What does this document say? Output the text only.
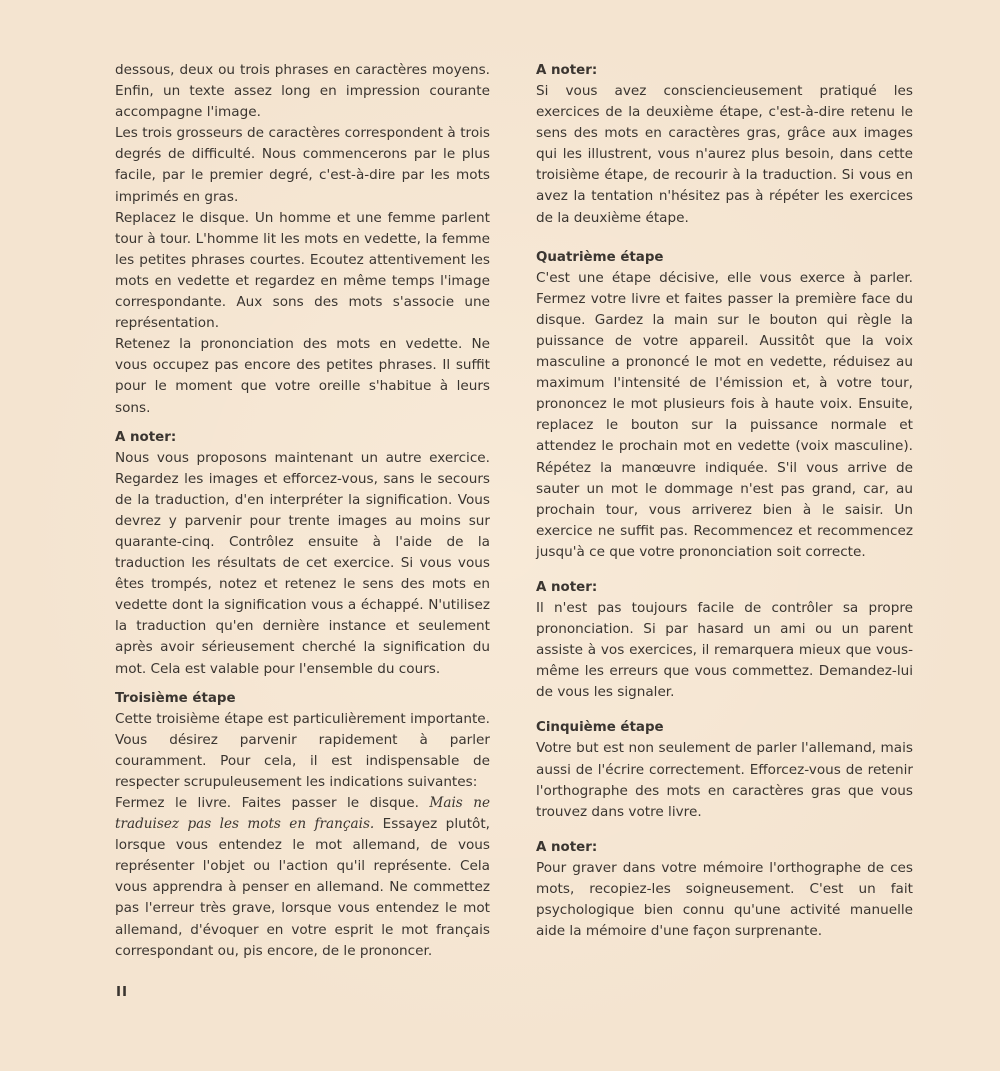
dessous, deux ou trois phrases en caractères moyens. Enfin, un texte assez long en impression courante accompagne l'image.

Les trois grosseurs de caractères correspondent à trois degrés de difficulté. Nous commencerons par le plus facile, par le premier degré, c'est-à-dire par les mots imprimés en gras.

Replacez le disque. Un homme et une femme parlent tour à tour. L'homme lit les mots en vedette, la femme les petites phrases courtes. Ecoutez attentivement les mots en vedette et regardez en même temps l'image correspondante. Aux sons des mots s'associe une représentation.

Retenez la prononciation des mots en vedette. Ne vous occupez pas encore des petites phrases. Il suffit pour le moment que votre oreille s'habitue à leurs sons.

A noter:

Nous vous proposons maintenant un autre exercice. Regardez les images et efforcez-vous, sans le secours de la traduction, d'en interpréter la signification. Vous devrez y parvenir pour trente images au moins sur quarante-cinq. Contrôlez ensuite à l'aide de la traduction les résultats de cet exercice. Si vous vous êtes trompés, notez et retenez le sens des mots en vedette dont la signification vous a échappé. N'utilisez la traduction qu'en dernière instance et seulement après avoir sérieusement cherché la signification du mot. Cela est valable pour l'ensemble du cours.

Troisième étape

Cette troisième étape est particulièrement importante. Vous désirez parvenir rapidement à parler couramment. Pour cela, il est indispensable de respecter scrupuleusement les indications suivantes:

Fermez le livre. Faites passer le disque. Mais ne traduisez pas les mots en français. Essayez plutôt, lorsque vous entendez le mot allemand, de vous représenter l'objet ou l'action qu'il représente. Cela vous apprendra à penser en allemand. Ne commettez pas l'erreur très grave, lorsque vous entendez le mot allemand, d'évoquer en votre esprit le mot français correspondant ou, pis encore, de le prononcer.

A noter:

Si vous avez consciencieusement pratiqué les exercices de la deuxième étape, c'est-à-dire retenu le sens des mots en caractères gras, grâce aux images qui les illustrent, vous n'aurez plus besoin, dans cette troisième étape, de recourir à la traduction. Si vous en avez la tentation n'hésitez pas à répéter les exercices de la deuxième étape.

Quatrième étape

C'est une étape décisive, elle vous exerce à parler. Fermez votre livre et faites passer la première face du disque. Gardez la main sur le bouton qui règle la puissance de votre appareil. Aussitôt que la voix masculine a prononcé le mot en vedette, réduisez au maximum l'intensité de l'émission et, à votre tour, prononcez le mot plusieurs fois à haute voix. Ensuite, replacez le bouton sur la puissance normale et attendez le prochain mot en vedette (voix masculine). Répétez la manœuvre indiquée. S'il vous arrive de sauter un mot le dommage n'est pas grand, car, au prochain tour, vous arriverez bien à le saisir. Un exercice ne suffit pas. Recommencez et recommencez jusqu'à ce que votre prononciation soit correcte.

A noter:

Il n'est pas toujours facile de contrôler sa propre prononciation. Si par hasard un ami ou un parent assiste à vos exercices, il remarquera mieux que vous-même les erreurs que vous commettez. Demandez-lui de vous les signaler.

Cinquième étape

Votre but est non seulement de parler l'allemand, mais aussi de l'écrire correctement. Efforcez-vous de retenir l'orthographe des mots en caractères gras que vous trouvez dans votre livre.

A noter:

Pour graver dans votre mémoire l'orthographe de ces mots, recopiez-les soigneusement. C'est un fait psychologique bien connu qu'une activité manuelle aide la mémoire d'une façon surprenante.

II
